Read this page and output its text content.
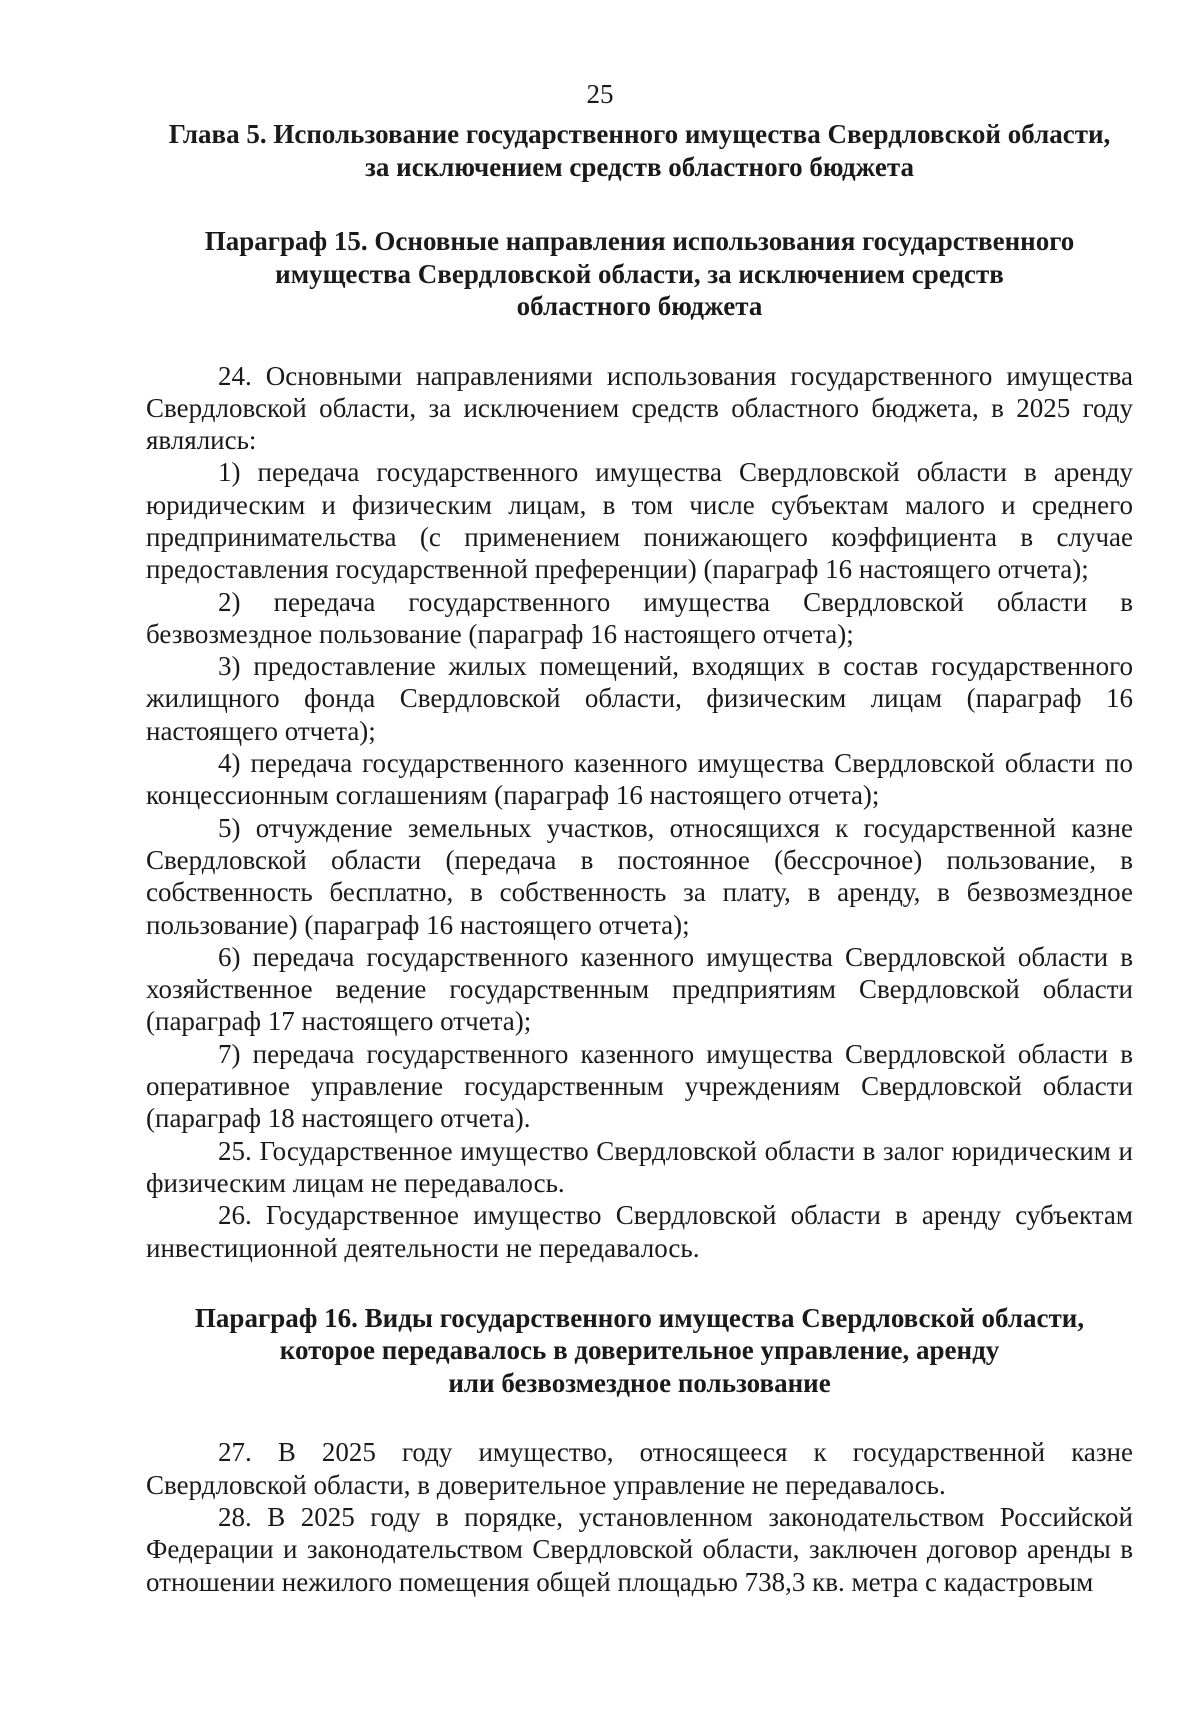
25
Глава 5. Использование государственного имущества Свердловской области,
за исключением средств областного бюджета
Параграф 15. Основные направления использования государственного
имущества Свердловской области, за исключением средств
областного бюджета

24. Основными направлениями использования государственного имущества Свердловской области, за исключением средств областного бюджета, в 2025 году являлись:

1) передача государственного имущества Свердловской области в аренду юридическим и физическим лицам, в том числе субъектам малого и среднего предпринимательства (с применением понижающего коэффициента в случае предоставления государственной преференции) (параграф 16 настоящего отчета);

2) передача государственного имущества Свердловской области в безвозмездное пользование (параграф 16 настоящего отчета);

3) предоставление жилых помещений, входящих в состав государственного жилищного фонда Свердловской области, физическим лицам (параграф 16 настоящего отчета);

4) передача государственного казенного имущества Свердловской области по концессионным соглашениям (параграф 16 настоящего отчета);

5) отчуждение земельных участков, относящихся к государственной казне Свердловской области (передача в постоянное (бессрочное) пользование, в собственность бесплатно, в собственность за плату, в аренду, в безвозмездное пользование) (параграф 16 настоящего отчета);

6) передача государственного казенного имущества Свердловской области в хозяйственное ведение государственным предприятиям Свердловской области (параграф 17 настоящего отчета);

7) передача государственного казенного имущества Свердловской области в оперативное управление государственным учреждениям Свердловской области (параграф 18 настоящего отчета).

25. Государственное имущество Свердловской области в залог юридическим и физическим лицам не передавалось.

26. Государственное имущество Свердловской области в аренду субъектам инвестиционной деятельности не передавалось.

Параграф 16. Виды государственного имущества Свердловской области,
которое передавалось в доверительное управление, аренду
или безвозмездное пользование

27. В 2025 году имущество, относящееся к государственной казне Свердловской области, в доверительное управление не передавалось.

28. В 2025 году в порядке, установленном законодательством Российской Федерации и законодательством Свердловской области, заключен договор аренды в отношении нежилого помещения общей площадью 738,3 кв. метра с кадастровым
